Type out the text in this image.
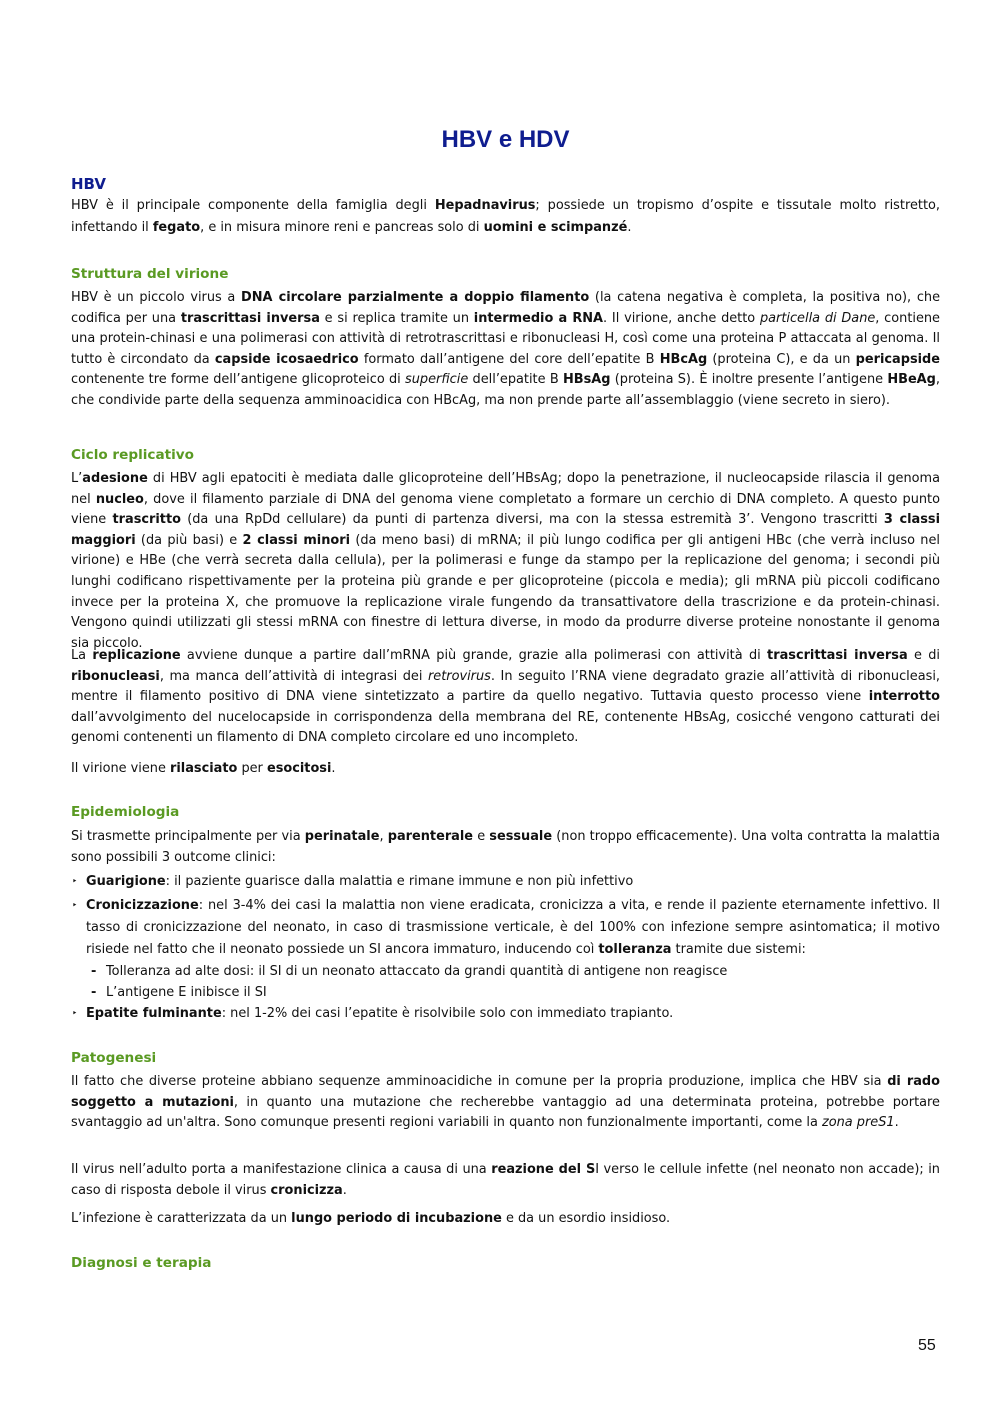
HBV e HDV
HBV

HBV è il principale componente della famiglia degli Hepadnavirus; possiede un tropismo d’ospite e tissutale molto ristretto, infettando il fegato, e in misura minore reni e pancreas solo di uomini e scimpanzé.

Struttura del virione

HBV è un piccolo virus a DNA circolare parzialmente a doppio filamento (la catena negativa è completa, la positiva no), che codifica per una trascrittasi inversa e si replica tramite un intermedio a RNA. Il virione, anche detto particella di Dane, contiene una protein-chinasi e una polimerasi con attività di retrotrascrittasi e ribonucleasi H, così come una proteina P attaccata al genoma. Il tutto è circondato da capside icosaedrico formato dall’antigene del core dell’epatite B HBcAg (proteina C), e da un pericapside contenente tre forme dell’antigene glicoproteico di superficie dell’epatite B HBsAg (proteina S). È inoltre presente l’antigene HBeAg, che condivide parte della sequenza amminoacidica con HBcAg, ma non prende parte all’assemblaggio (viene secreto in siero).

Ciclo replicativo

L’adesione di HBV agli epatociti è mediata dalle glicoproteine dell’HBsAg; dopo la penetrazione, il nucleocapside rilascia il genoma nel nucleo, dove il filamento parziale di DNA del genoma viene completato a formare un cerchio di DNA completo. A questo punto viene trascritto (da una RpDd cellulare) da punti di partenza diversi, ma con la stessa estremità 3’. Vengono trascritti 3 classi maggiori (da più basi) e 2 classi minori (da meno basi) di mRNA; il più lungo codifica per gli antigeni HBc (che verrà incluso nel virione) e HBe (che verrà secreta dalla cellula), per la polimerasi e funge da stampo per la replicazione del genoma; i secondi più lunghi codificano rispettivamente per la proteina più grande e per glicoproteine (piccola e media); gli mRNA più piccoli codificano invece per la proteina X, che promuove la replicazione virale fungendo da transattivatore della trascrizione e da protein-chinasi. Vengono quindi utilizzati gli stessi mRNA con finestre di lettura diverse, in modo da produrre diverse proteine nonostante il genoma sia piccolo.

La replicazione avviene dunque a partire dall’mRNA più grande, grazie alla polimerasi con attività di trascrittasi inversa e di ribonucleasi, ma manca dell’attività di integrasi dei retrovirus. In seguito l’RNA viene degradato grazie all’attività di ribonucleasi, mentre il filamento positivo di DNA viene sintetizzato a partire da quello negativo. Tuttavia questo processo viene interrotto dall’avvolgimento del nucelocapside in corrispondenza della membrana del RE, contenente HBsAg, cosicché vengono catturati dei genomi contenenti un filamento di DNA completo circolare ed uno incompleto.

Il virione viene rilasciato per esocitosi.

Epidemiologia

Si trasmette principalmente per via perinatale, parenterale e sessuale (non troppo efficacemente). Una volta contratta la malattia sono possibili 3 outcome clinici:

‣ Guarigione: il paziente guarisce dalla malattia e rimane immune e non più infettivo
‣ Cronicizzazione: nel 3-4% dei casi la malattia non viene eradicata, cronicizza a vita, e rende il paziente eternamente infettivo. Il tasso di cronicizzazione del neonato, in caso di trasmissione verticale, è del 100% con infezione sempre asintomatica; il motivo risiede nel fatto che il neonato possiede un SI ancora immaturo, inducendo coì tolleranza tramite due sistemi:
- Tolleranza ad alte dosi: il SI di un neonato attaccato da grandi quantità di antigene non reagisce
- L’antigene E inibisce il SI
‣ Epatite fulminante: nel 1-2% dei casi l’epatite è risolvibile solo con immediato trapianto.
Patogenesi

Il fatto che diverse proteine abbiano sequenze amminoacidiche in comune per la propria produzione, implica che HBV sia di rado soggetto a mutazioni, in quanto una mutazione che recherebbe vantaggio ad una determinata proteina, potrebbe portare svantaggio ad un'altra. Sono comunque presenti regioni variabili in quanto non funzionalmente importanti, come la zona preS1.

Il virus nell’adulto porta a manifestazione clinica a causa di una reazione del SI verso le cellule infette (nel neonato non accade); in caso di risposta debole il virus cronicizza.

L’infezione è caratterizzata da un lungo periodo di incubazione e da un esordio insidioso.

Diagnosi e terapia
55
